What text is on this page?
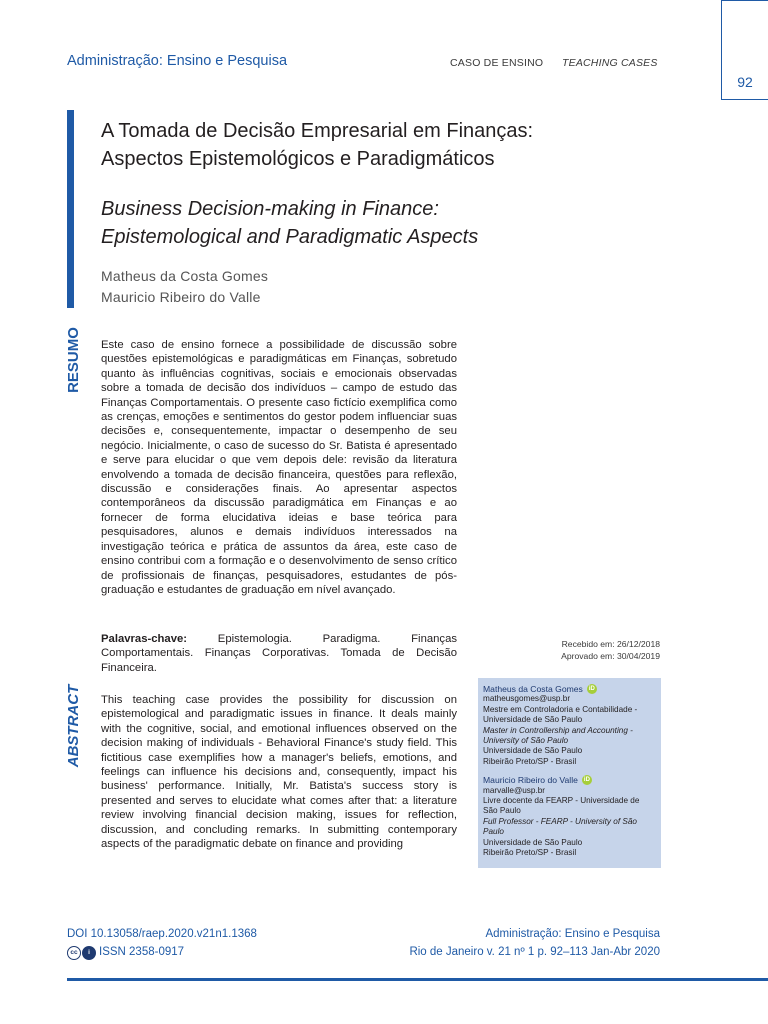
Administração: Ensino e Pesquisa	CASO DE ENSINO TEACHING CASES
92
A Tomada de Decisão Empresarial em Finanças:
Aspectos Epistemológicos e Paradigmáticos
Business Decision-making in Finance:
Epistemological and Paradigmatic Aspects
Matheus da Costa Gomes
Mauricio Ribeiro do Valle
RESUMO Este caso de ensino fornece a possibilidade de discussão sobre questões epistemológicas e paradigmáticas em Finanças, sobretudo quanto às influências cognitivas, sociais e emocionais observadas sobre a tomada de decisão dos indivíduos – campo de estudo das Finanças Comportamentais. O presente caso fictício exemplifica como as crenças, emoções e sentimentos do gestor podem influenciar suas decisões e, consequentemente, impactar o desempenho de seu negócio. Inicialmente, o caso de sucesso do Sr. Batista é apresentado e serve para elucidar o que vem depois dele: revisão da literatura envolvendo a tomada de decisão financeira, questões para reflexão, discussão e considerações finais. Ao apresentar aspectos contemporâneos da discussão paradigmática em Finanças e ao fornecer de forma elucidativa ideias e base teórica para pesquisadores, alunos e demais indivíduos interessados na investigação teórica e prática de assuntos da área, este caso de ensino contribui com a formação e o desenvolvimento de senso crítico de profissionais de finanças, pesquisadores, estudantes de pós-graduação e estudantes de graduação em nível avançado.

Palavras-chave:	Epistemologia. Paradigma. Finanças Comportamentais. Finanças Corporativas. Tomada de Decisão Financeira.

ABSTRACT This teaching case provides the possibility for discussion on epistemological and paradigmatic issues in finance. It deals mainly with the cognitive, social, and emotional influences observed on the decision making of individuals - Behavioral Finance's study field. This fictitious case exemplifies how a manager's beliefs, emotions, and feelings can influence his decisions and, consequently, impact his business' performance. Initially, Mr. Batista's success story is presented and serves to elucidate what comes after that: a literature review involving financial decision making, issues for reflection, discussion, and concluding remarks. In submitting contemporary aspects of the paradigmatic debate on finance and providing

Recebido em: 26/12/2018
Aprovado em: 30/04/2019
Matheus da Costa Gomes	iD
matheusgomes@usp.br
Mestre em Controladoria e Contabilidade - Universidade de São Paulo
Master in Controllership and Accounting - University of São Paulo
Universidade de São Paulo
Ribeirão Preto/SP - Brasil
Mauricio Ribeiro do Valle	iD
marvalle@usp.br
Livre docente da FEARP - Universidade de São Paulo
Full Professor - FEARP - University of São Paulo
Universidade de São Paulo
Ribeirão Preto/SP - Brasil
DOI 10.13058/raep.2020.v21n1.1368
cc	i ISSN 2358-0917
Administração: Ensino e Pesquisa
Rio de Janeiro v. 21 nº 1 p. 92–113 Jan-Abr 2020
